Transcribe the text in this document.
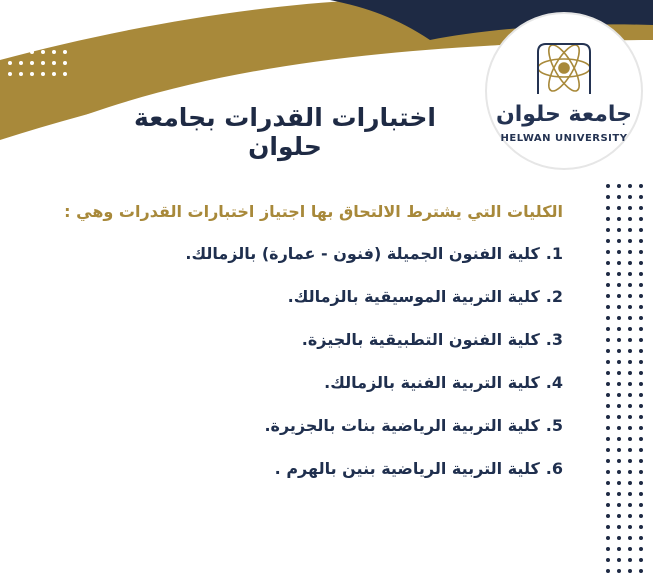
جامعة حلوان
HELWAN UNIVERSITY
اختبارات القدرات بجامعة حلوان
الكليات التي يشترط الالتحاق بها اجتياز اختبارات القدرات وهي :
1.كلية الفنون الجميلة (فنون - عمارة) بالزمالك.
2.كلية التربية الموسيقية بالزمالك.
3.كلية الفنون التطبيقية بالجيزة.
4.كلية التربية الفنية بالزمالك.
5.كلية التربية الرياضية بنات بالجزيرة.
6.كلية التربية الرياضية بنين بالهرم .
